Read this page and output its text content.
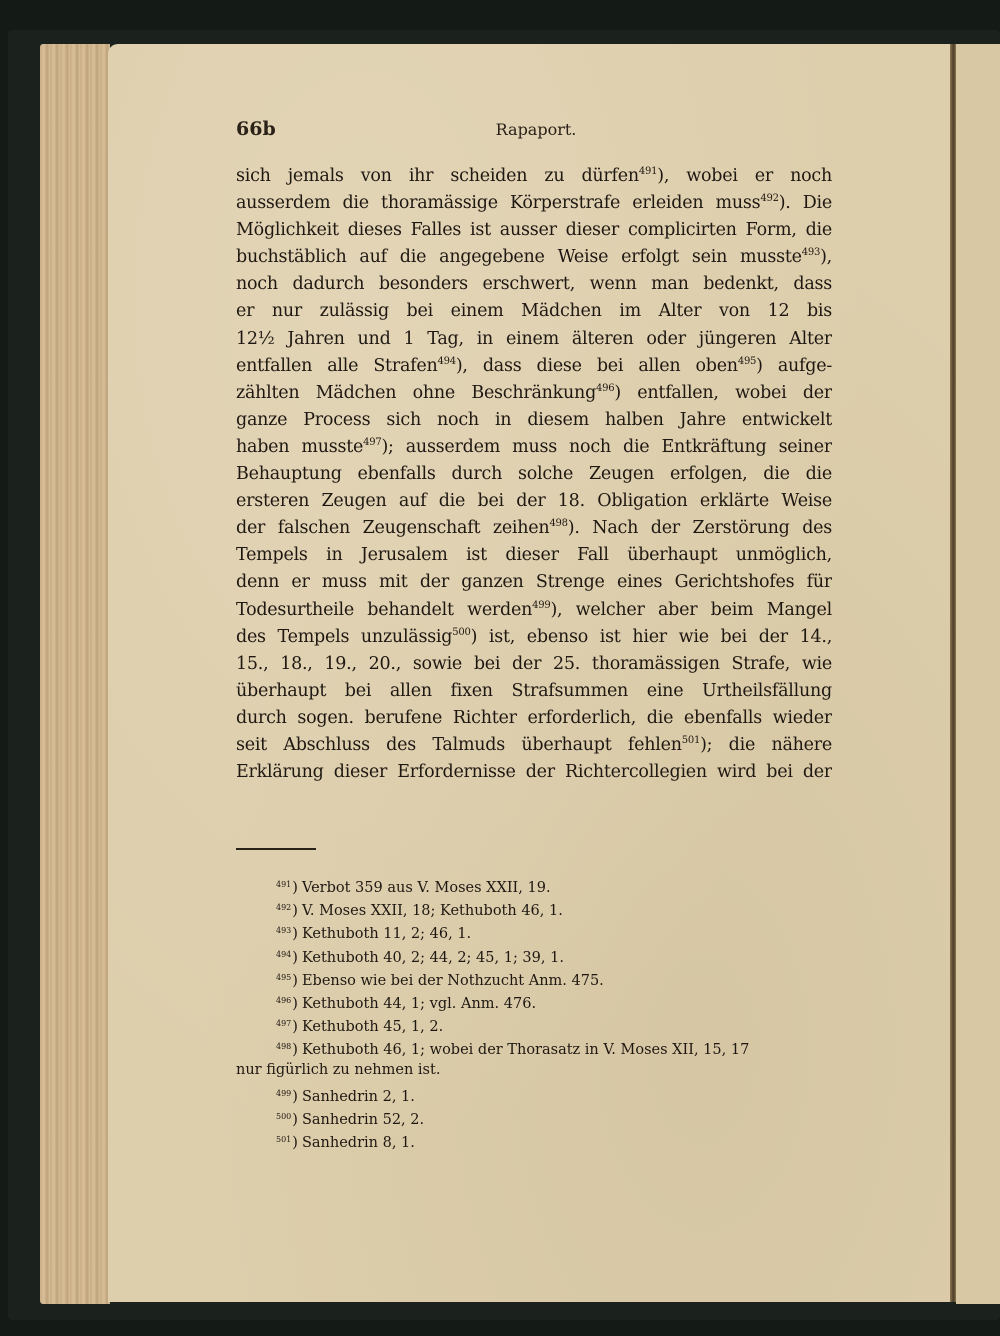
66b	Rapaport.
sich jemals von ihr scheiden zu dürfen$^{491}$), wobei er noch
ausserdem die thoramässige Körperstrafe erleiden muss$^{492}$). Die
Möglichkeit dieses Falles ist ausser dieser complicirten Form, die
buchstäblich auf die angegebene Weise erfolgt sein musste$^{493}$),
noch dadurch besonders erschwert, wenn man bedenkt, dass
er nur zulässig bei einem Mädchen im Alter von 12 bis
12½ Jahren und 1 Tag, in einem älteren oder jüngeren Alter
entfallen alle Strafen$^{494}$), dass diese bei allen oben$^{495}$) aufge-
zählten Mädchen ohne Beschränkung$^{496}$) entfallen, wobei der
ganze Process sich noch in diesem halben Jahre entwickelt
haben musste$^{497}$); ausserdem muss noch die Entkräftung seiner
Behauptung ebenfalls durch solche Zeugen erfolgen, die die
ersteren Zeugen auf die bei der 18. Obligation erklärte Weise
der falschen Zeugenschaft zeihen$^{498}$). Nach der Zerstörung des
Tempels in Jerusalem ist dieser Fall überhaupt unmöglich,
denn er muss mit der ganzen Strenge eines Gerichtshofes für
Todesurtheile behandelt werden$^{499}$), welcher aber beim Mangel
des Tempels unzulässig$^{500}$) ist, ebenso ist hier wie bei der 14.,
15., 18., 19., 20., sowie bei der 25. thoramässigen Strafe, wie
überhaupt bei allen fixen Strafsummen eine Urtheilsfällung
durch sogen. berufene Richter erforderlich, die ebenfalls wieder
seit Abschluss des Talmuds überhaupt fehlen$^{501}$); die nähere
Erklärung dieser Erfordernisse der Richtercollegien wird bei der
$^{491}$) Verbot 359 aus V. Moses XXII, 19.
$^{492}$) V. Moses XXII, 18; Kethuboth 46, 1.
$^{493}$) Kethuboth 11, 2; 46, 1.
$^{494}$) Kethuboth 40, 2; 44, 2; 45, 1; 39, 1.
$^{495}$) Ebenso wie bei der Nothzucht Anm. 475.
$^{496}$) Kethuboth 44, 1; vgl. Anm. 476.
$^{497}$) Kethuboth 45, 1, 2.
$^{498}$) Kethuboth 46, 1; wobei der Thorasatz in V. Moses XII, 15, 17
nur figürlich zu nehmen ist.
$^{499}$) Sanhedrin 2, 1.
$^{500}$) Sanhedrin 52, 2.
$^{501}$) Sanhedrin 8, 1.
